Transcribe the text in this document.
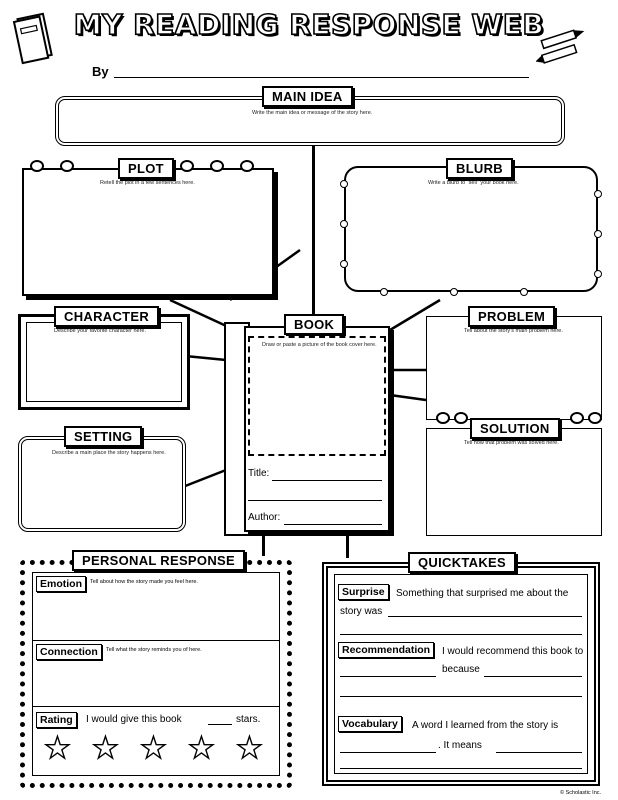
MY READING RESPONSE WEB
By
MAIN IDEA
Write the main idea or message of the story here.
PLOT
Retell the plot in a few sentences here.
BLURB
Write a blurb to "sell" your book here.
CHARACTER
Describe your favorite character here.	BOOK
Draw or paste a picture of the book cover here.
Title:
Author:
PROBLEM
Tell about the story's main problem here.
SOLUTION
Tell how that problem was solved here.
SETTING
Describe a main place the story happens here.
PERSONAL RESPONSE
Emotion	Tell about how the story made you feel here.
Connection	Tell what the story reminds you of here.
Rating	I would give this book	stars.
★ ★ ★ ★ ★
QUICKTAKES
Surprise	Something that surprised me about the
story was
Recommendation	I would recommend this book to
because
Vocabulary	A word I learned from the story is
. It means
© Scholastic Inc.
